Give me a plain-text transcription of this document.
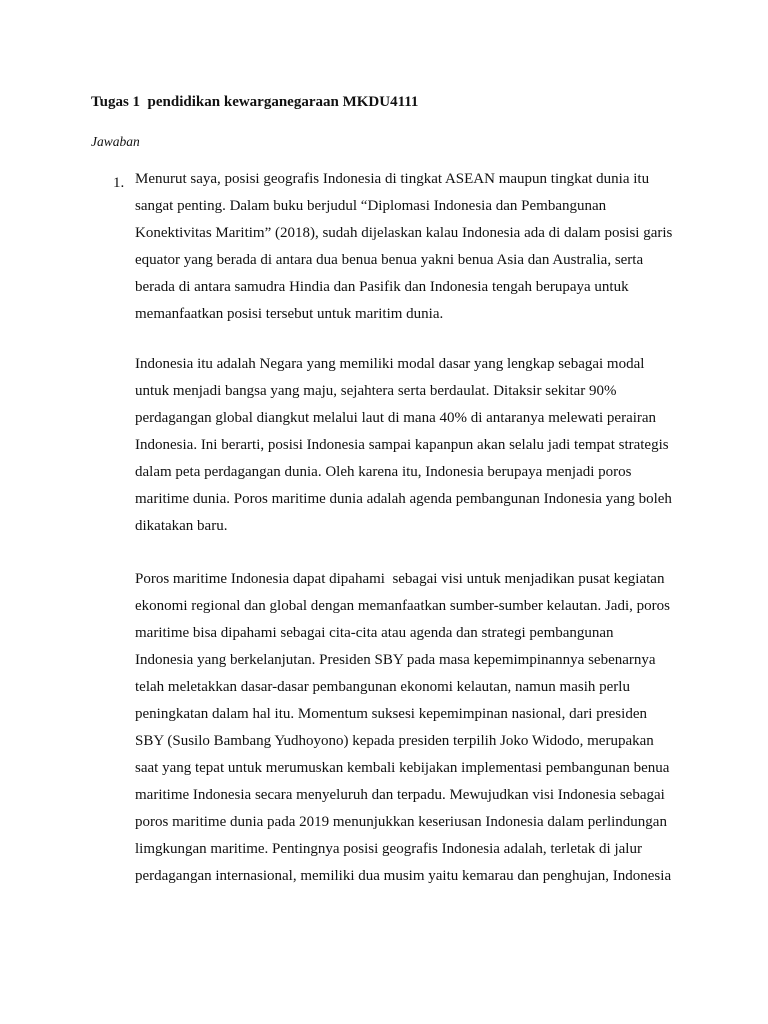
Tugas 1  pendidikan kewarganegaraan MKDU4111

Jawaban

1. Menurut saya, posisi geografis Indonesia di tingkat ASEAN maupun tingkat dunia itu
sangat penting. Dalam buku berjudul “Diplomasi Indonesia dan Pembangunan
Konektivitas Maritim” (2018), sudah dijelaskan kalau Indonesia ada di dalam posisi garis
equator yang berada di antara dua benua benua yakni benua Asia dan Australia, serta
berada di antara samudra Hindia dan Pasifik dan Indonesia tengah berupaya untuk
memanfaatkan posisi tersebut untuk maritim dunia.
Indonesia itu adalah Negara yang memiliki modal dasar yang lengkap sebagai modal
untuk menjadi bangsa yang maju, sejahtera serta berdaulat. Ditaksir sekitar 90%
perdagangan global diangkut melalui laut di mana 40% di antaranya melewati perairan
Indonesia. Ini berarti, posisi Indonesia sampai kapanpun akan selalu jadi tempat strategis
dalam peta perdagangan dunia. Oleh karena itu, Indonesia berupaya menjadi poros
maritime dunia. Poros maritime dunia adalah agenda pembangunan Indonesia yang boleh
dikatakan baru.
Poros maritime Indonesia dapat dipahami  sebagai visi untuk menjadikan pusat kegiatan
ekonomi regional dan global dengan memanfaatkan sumber-sumber kelautan. Jadi, poros
maritime bisa dipahami sebagai cita-cita atau agenda dan strategi pembangunan
Indonesia yang berkelanjutan. Presiden SBY pada masa kepemimpinannya sebenarnya
telah meletakkan dasar-dasar pembangunan ekonomi kelautan, namun masih perlu
peningkatan dalam hal itu. Momentum suksesi kepemimpinan nasional, dari presiden
SBY (Susilo Bambang Yudhoyono) kepada presiden terpilih Joko Widodo, merupakan
saat yang tepat untuk merumuskan kembali kebijakan implementasi pembangunan benua
maritime Indonesia secara menyeluruh dan terpadu. Mewujudkan visi Indonesia sebagai
poros maritime dunia pada 2019 menunjukkan keseriusan Indonesia dalam perlindungan
limgkungan maritime. Pentingnya posisi geografis Indonesia adalah, terletak di jalur
perdagangan internasional, memiliki dua musim yaitu kemarau dan penghujan, Indonesia
